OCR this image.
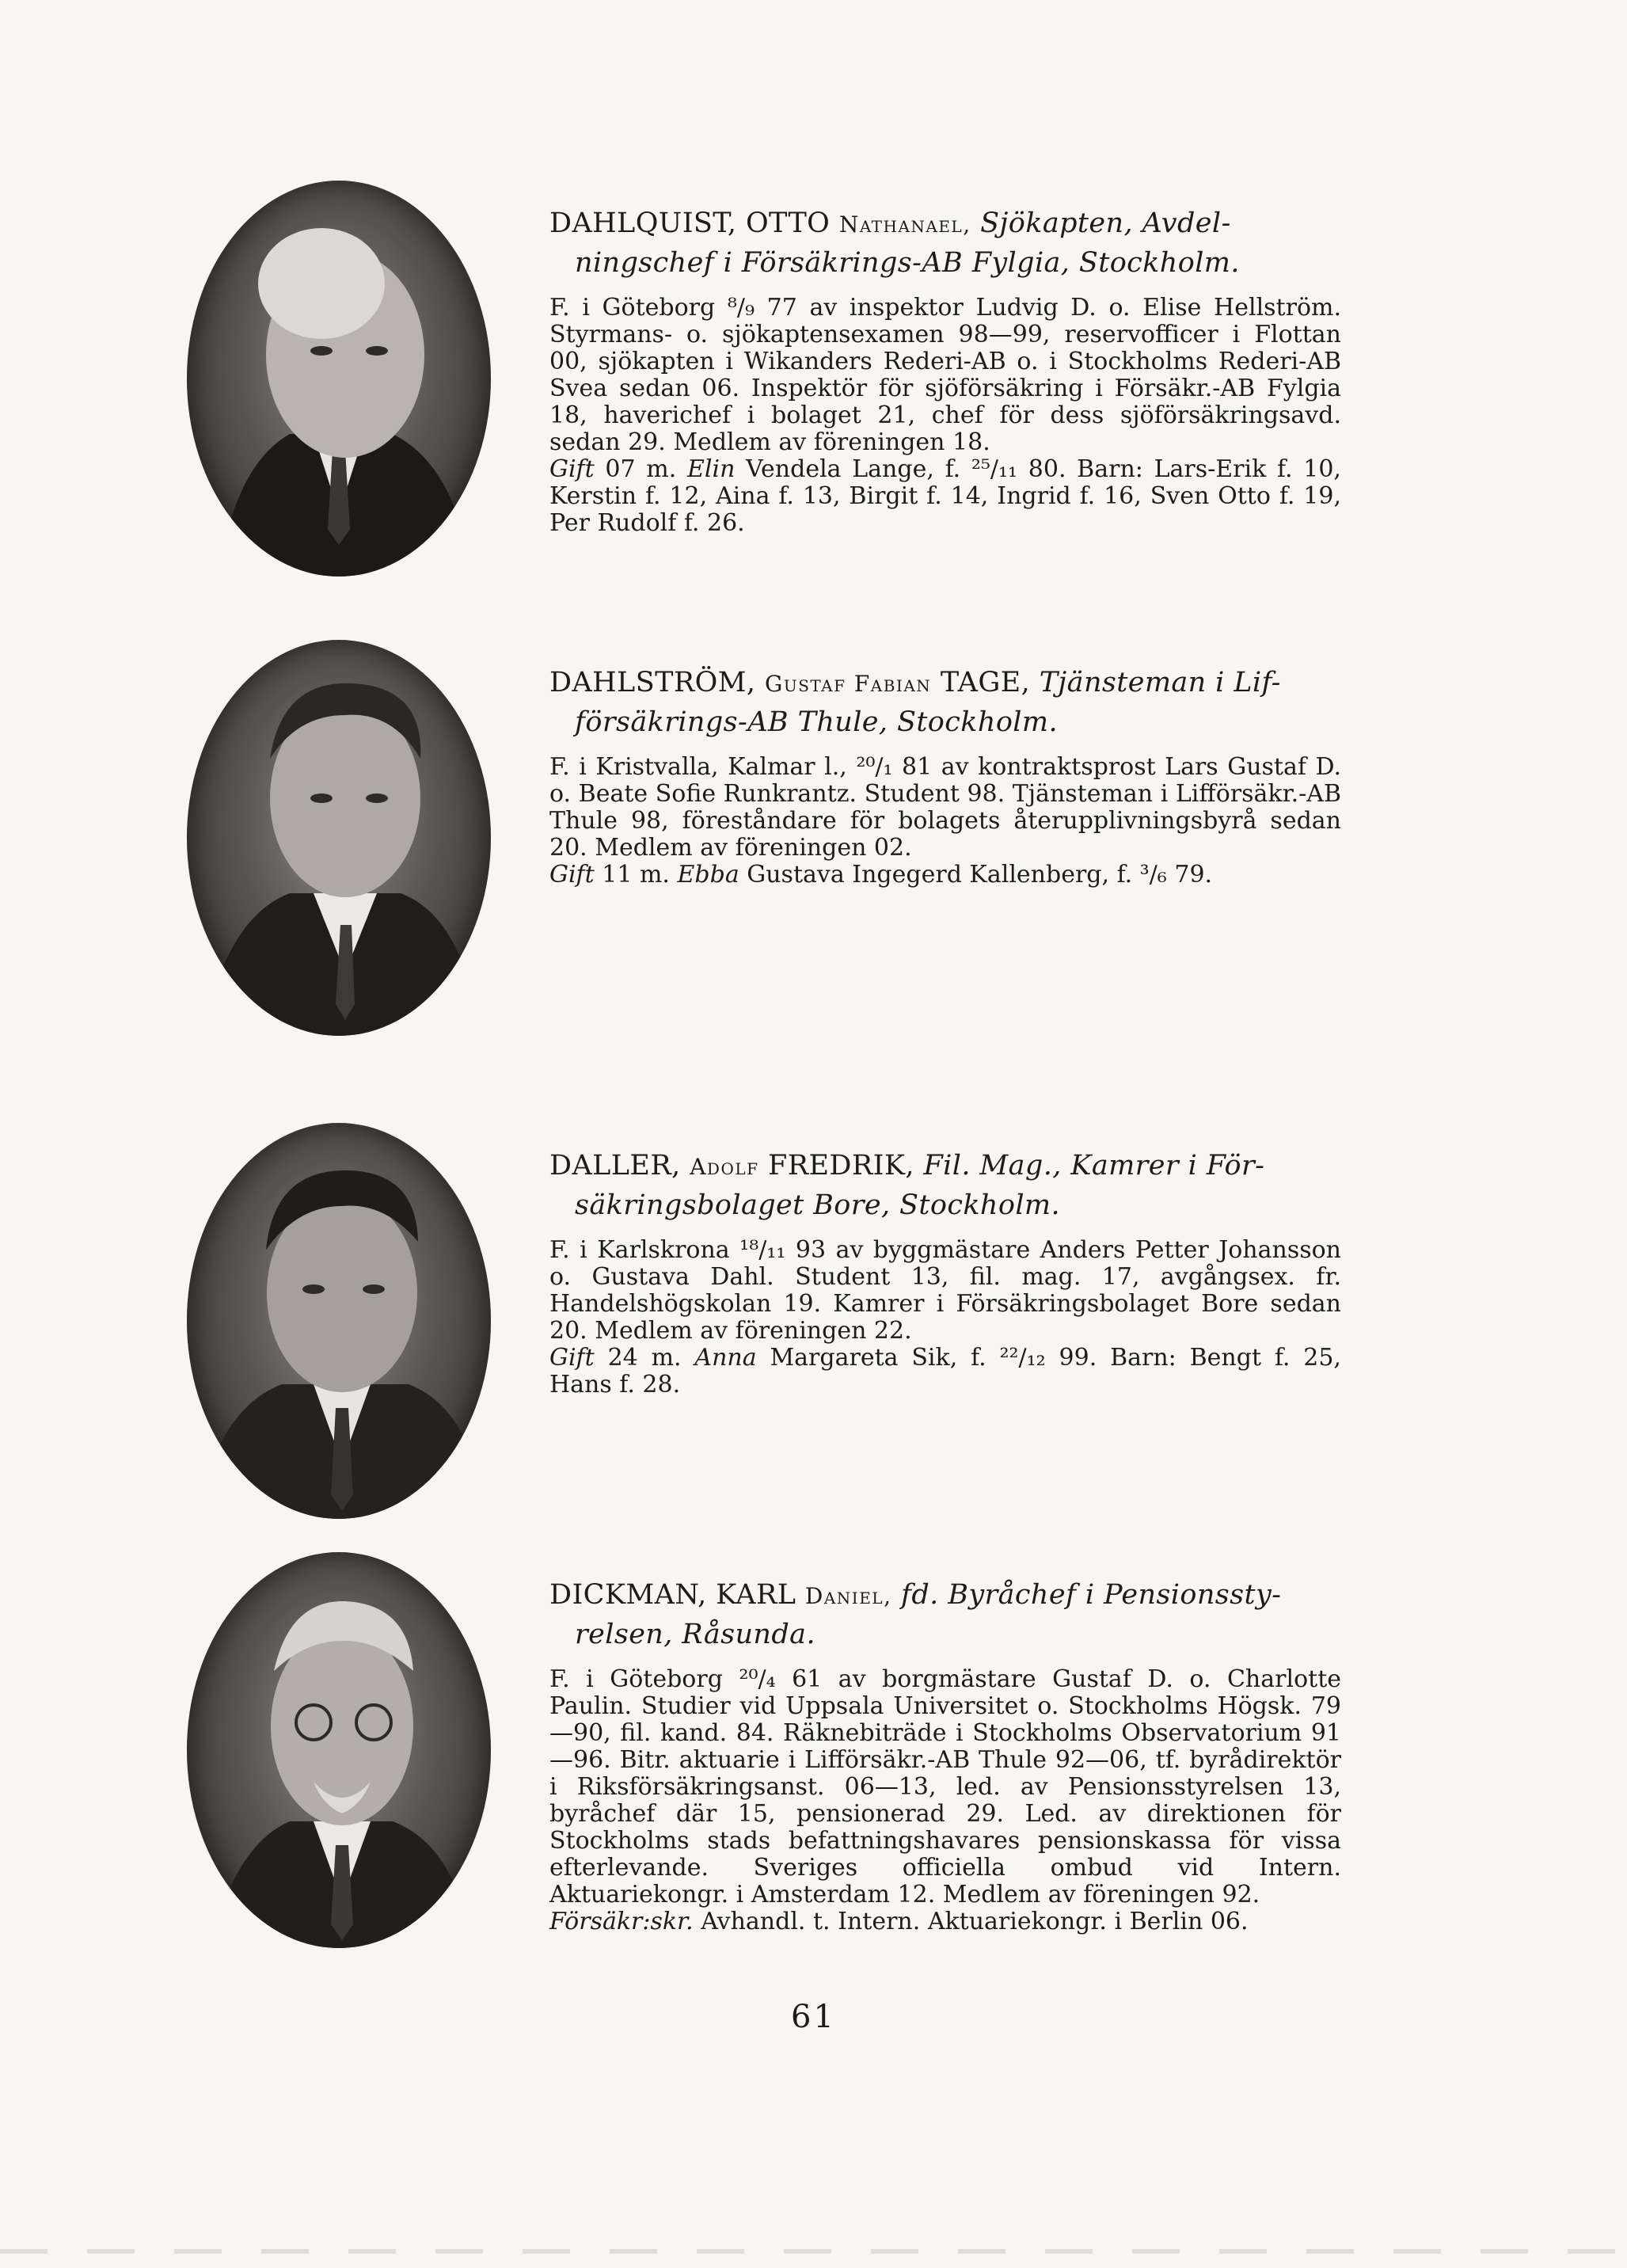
DAHLQUIST, OTTO Nathanael, Sjökapten, Avdel-
ningschef i Försäkrings-AB Fylgia, Stockholm.

F. i Göteborg ⁸/₉ 77 av inspektor Ludvig D. o. Elise Hellström. Styrmans- o. sjökaptensexamen 98—99, reservofficer i Flottan 00, sjökapten i Wikanders Rederi-AB o. i Stockholms Rederi-AB Svea sedan 06. Inspektör för sjöförsäkring i Försäkr.-AB Fylgia 18, haverichef i bolaget 21, chef för dess sjöförsäkringsavd. sedan 29. Medlem av föreningen 18.

Gift 07 m. Elin Vendela Lange, f. ²⁵/₁₁ 80. Barn: Lars-Erik f. 10, Kerstin f. 12, Aina f. 13, Birgit f. 14, Ingrid f. 16, Sven Otto f. 19, Per Rudolf f. 26.

DAHLSTRÖM, Gustaf Fabian TAGE, Tjänsteman i Lif-
försäkrings-AB Thule, Stockholm.

F. i Kristvalla, Kalmar l., ²⁰/₁ 81 av kontraktsprost Lars Gustaf D. o. Beate Sofie Runkrantz. Student 98. Tjänsteman i Lifförsäkr.-AB Thule 98, föreståndare för bolagets återupplivningsbyrå sedan 20. Medlem av föreningen 02.

Gift 11 m. Ebba Gustava Ingegerd Kallenberg, f. ³/₆ 79.

DALLER, Adolf FREDRIK, Fil. Mag., Kamrer i För-
säkringsbolaget Bore, Stockholm.

F. i Karlskrona ¹⁸/₁₁ 93 av byggmästare Anders Petter Johansson o. Gustava Dahl. Student 13, fil. mag. 17, avgångsex. fr. Handelshögskolan 19. Kamrer i Försäkringsbolaget Bore sedan 20. Medlem av föreningen 22.

Gift 24 m. Anna Margareta Sik, f. ²²/₁₂ 99. Barn: Bengt f. 25, Hans f. 28.

DICKMAN, KARL Daniel, fd. Byråchef i Pensionssty-
relsen, Råsunda.

F. i Göteborg ²⁰/₄ 61 av borgmästare Gustaf D. o. Charlotte Paulin. Studier vid Uppsala Universitet o. Stockholms Högsk. 79—90, fil. kand. 84. Räknebiträde i Stockholms Observatorium 91—96. Bitr. aktuarie i Lifförsäkr.-AB Thule 92—06, tf. byrådirektör i Riksförsäkringsanst. 06—13, led. av Pensionsstyrelsen 13, byråchef där 15, pensionerad 29. Led. av direktionen för Stockholms stads befattningshavares pensionskassa för vissa efterlevande. Sveriges officiella ombud vid Intern. Aktuariekongr. i Amsterdam 12. Medlem av föreningen 92.

Försäkr:skr. Avhandl. t. Intern. Aktuariekongr. i Berlin 06.

61
